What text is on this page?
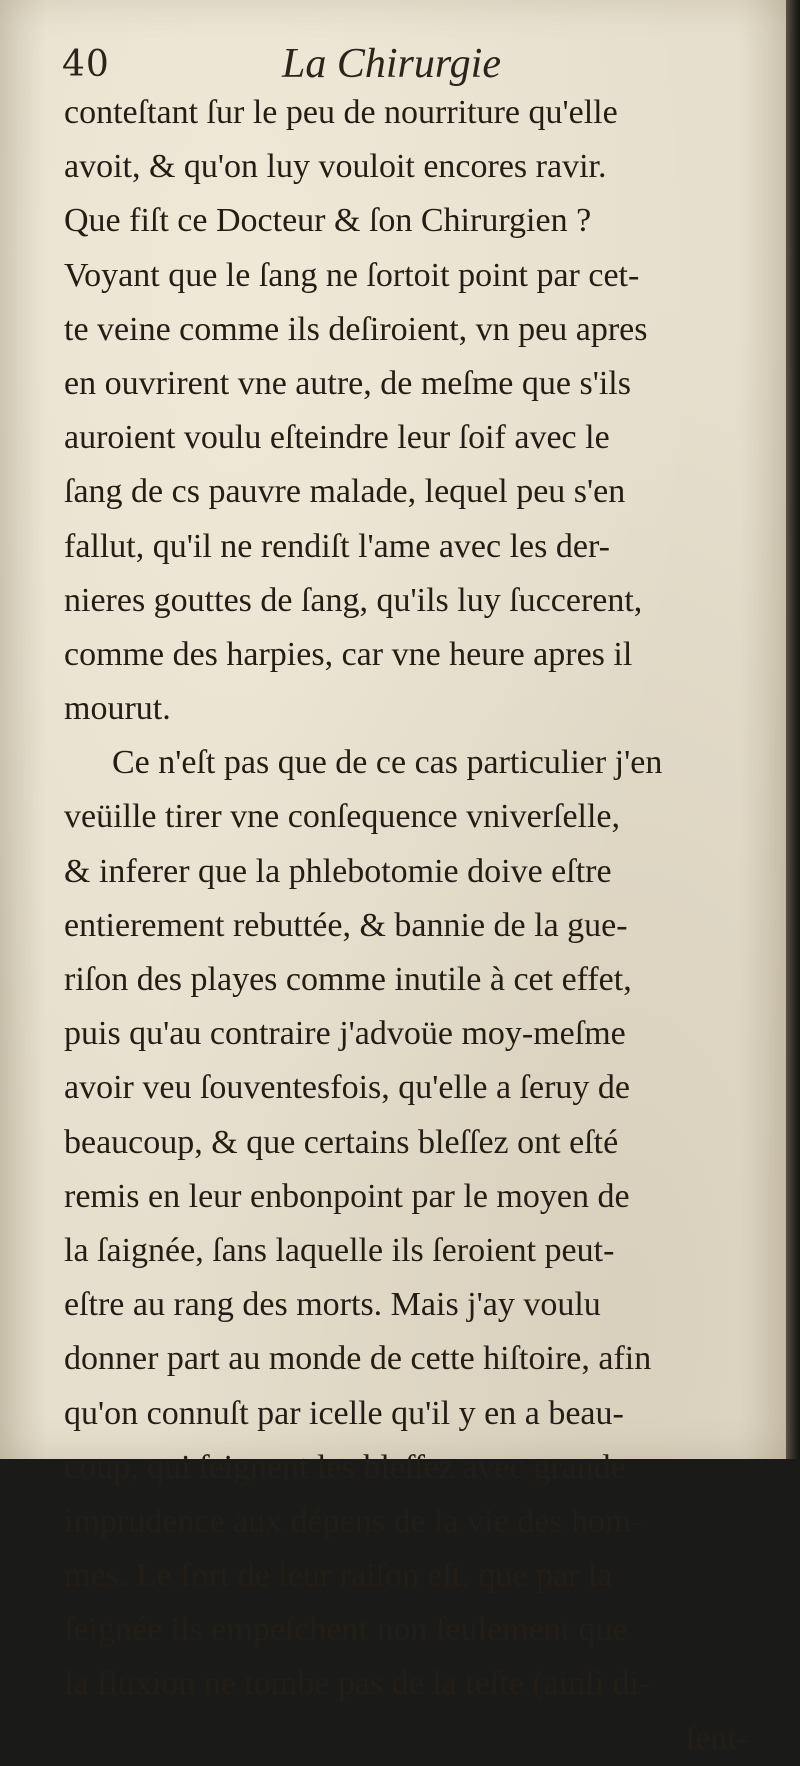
40	La Chirurgie
conteſtant ſur le peu de nourriture qu'elle
avoit, & qu'on luy vouloit encores ravir.
Que fiſt ce Docteur & ſon Chirurgien ?
Voyant que le ſang ne ſortoit point par cet-
te veine comme ils deſiroient, vn peu apres
en ouvrirent vne autre, de meſme que s'ils
auroient voulu eſteindre leur ſoif avec le
ſang de cs pauvre malade, lequel peu s'en
fallut, qu'il ne rendiſt l'ame avec les der-
nieres gouttes de ſang, qu'ils luy ſuccerent,
comme des harpies, car vne heure apres il
mourut.
Ce n'eſt pas que de ce cas particulier j'en
veüille tirer vne conſequence vniverſelle,
& inferer que la phlebotomie doive eſtre
entierement rebuttée, & bannie de la gue-
riſon des playes comme inutile à cet effet,
puis qu'au contraire j'advoüe moy-meſme
avoir veu ſouventesfois, qu'elle a ſeruy de
beaucoup, & que certains bleſſez ont eſté
remis en leur enbonpoint par le moyen de
la ſaignée, ſans laquelle ils ſeroient peut-
eſtre au rang des morts. Mais j'ay voulu
donner part au monde de cette hiſtoire, afin
qu'on connuſt par icelle qu'il y en a beau-
coup, qui ſeignent les bleſſez avec grande
imprudence aux dépens de la vie des hom-
mes. Le fort de leur raiſon eſt, que par la
ſeignée ils empeſchent non ſeulement que
la fluxion ne tombe pas de la teſte (ainſi di-
ſent-
